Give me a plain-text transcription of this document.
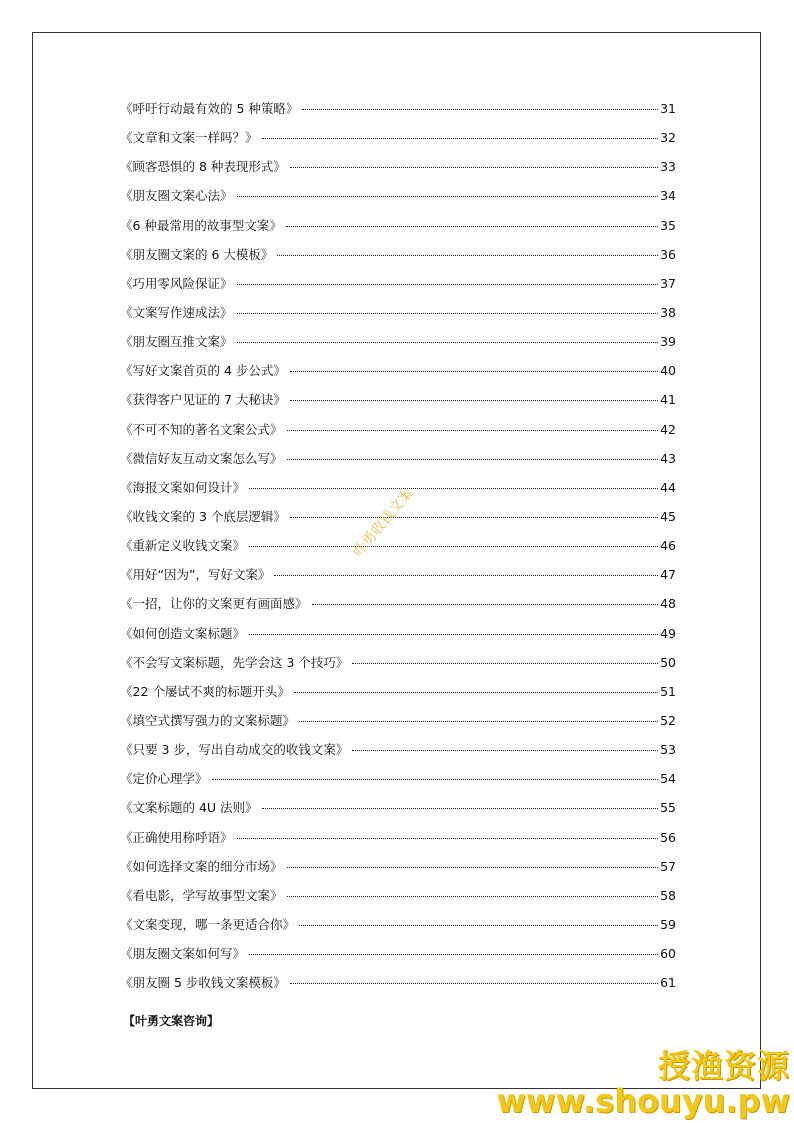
《呼吁行动最有效的 5 种策略》	31
《文章和文案一样吗？》	32
《顾客恐惧的 8 种表现形式》	33
《朋友圈文案心法》	34
《6 种最常用的故事型文案》	35
《朋友圈文案的 6 大模板》	36
《巧用零风险保证》	37
《文案写作速成法》	38
《朋友圈互推文案》	39
《写好文案首页的 4 步公式》	40
《获得客户见证的 7 大秘诀》	41
《不可不知的著名文案公式》	42
《微信好友互动文案怎么写》	43
《海报文案如何设计》	44
《收钱文案的 3 个底层逻辑》	45
《重新定义收钱文案》	46
《用好“因为”，写好文案》	47
《一招，让你的文案更有画面感》	48
《如何创造文案标题》	49
《不会写文案标题，先学会这 3 个技巧》	50
《22 个屡试不爽的标题开头》	51
《填空式撰写强力的文案标题》	52
《只要 3 步，写出自动成交的收钱文案》	53
《定价心理学》	54
《文案标题的 4U 法则》	55
《正确使用称呼语》	56
《如何选择文案的细分市场》	57
《看电影，学写故事型文案》	58
《文案变现，哪一条更适合你》	59
《朋友圈文案如何写》	60
《朋友圈 5 步收钱文案模板》	61
【叶勇文案咨询】
叶勇收钱文案
授渔资源
www.shouyu.pw
